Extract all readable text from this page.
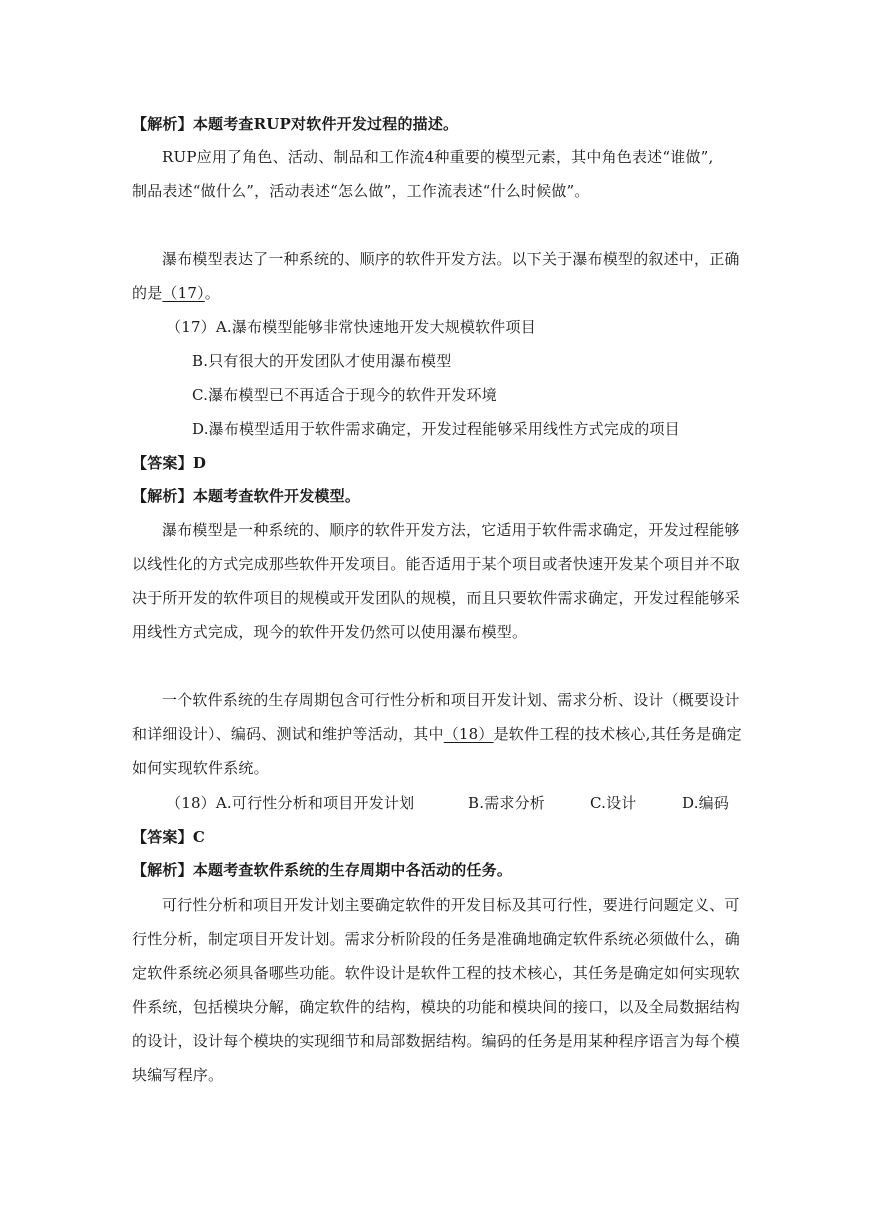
【解析】本题考查RUP对软件开发过程的描述。
RUP应用了角色、活动、制品和工作流4种重要的模型元素，其中角色表述“谁做”,
制品表述“做什么”，活动表述“怎么做”，工作流表述“什么时候做”。
瀑布模型表达了一种系统的、顺序的软件开发方法。以下关于瀑布模型的叙述中，正确
的是（17）。
（17）A.瀑布模型能够非常快速地开发大规模软件项目
B.只有很大的开发团队才使用瀑布模型
C.瀑布模型已不再适合于现今的软件开发环境
D.瀑布模型适用于软件需求确定，开发过程能够采用线性方式完成的项目
【答案】D
【解析】本题考查软件开发模型。
瀑布模型是一种系统的、顺序的软件开发方法，它适用于软件需求确定，开发过程能够
以线性化的方式完成那些软件开发项目。能否适用于某个项目或者快速开发某个项目并不取
决于所开发的软件项目的规模或开发团队的规模，而且只要软件需求确定，开发过程能够采
用线性方式完成，现今的软件开发仍然可以使用瀑布模型。
一个软件系统的生存周期包含可行性分析和项目开发计划、需求分析、设计（概要设计
和详细设计）、编码、测试和维护等活动，其中（18）是软件工程的技术核心,其任务是确定
如何实现软件系统。
（18）A.可行性分析和项目开发计划	B.需求分析	C.设计	D.编码
【答案】C
【解析】本题考查软件系统的生存周期中各活动的任务。
可行性分析和项目开发计划主要确定软件的开发目标及其可行性，要进行问题定义、可
行性分析，制定项目开发计划。需求分析阶段的任务是准确地确定软件系统必须做什么，确
定软件系统必须具备哪些功能。软件设计是软件工程的技术核心，其任务是确定如何实现软
件系统，包括模块分解，确定软件的结构，模块的功能和模块间的接口，以及全局数据结构
的设计，设计每个模块的实现细节和局部数据结构。编码的任务是用某种程序语言为每个模
块编写程序。
